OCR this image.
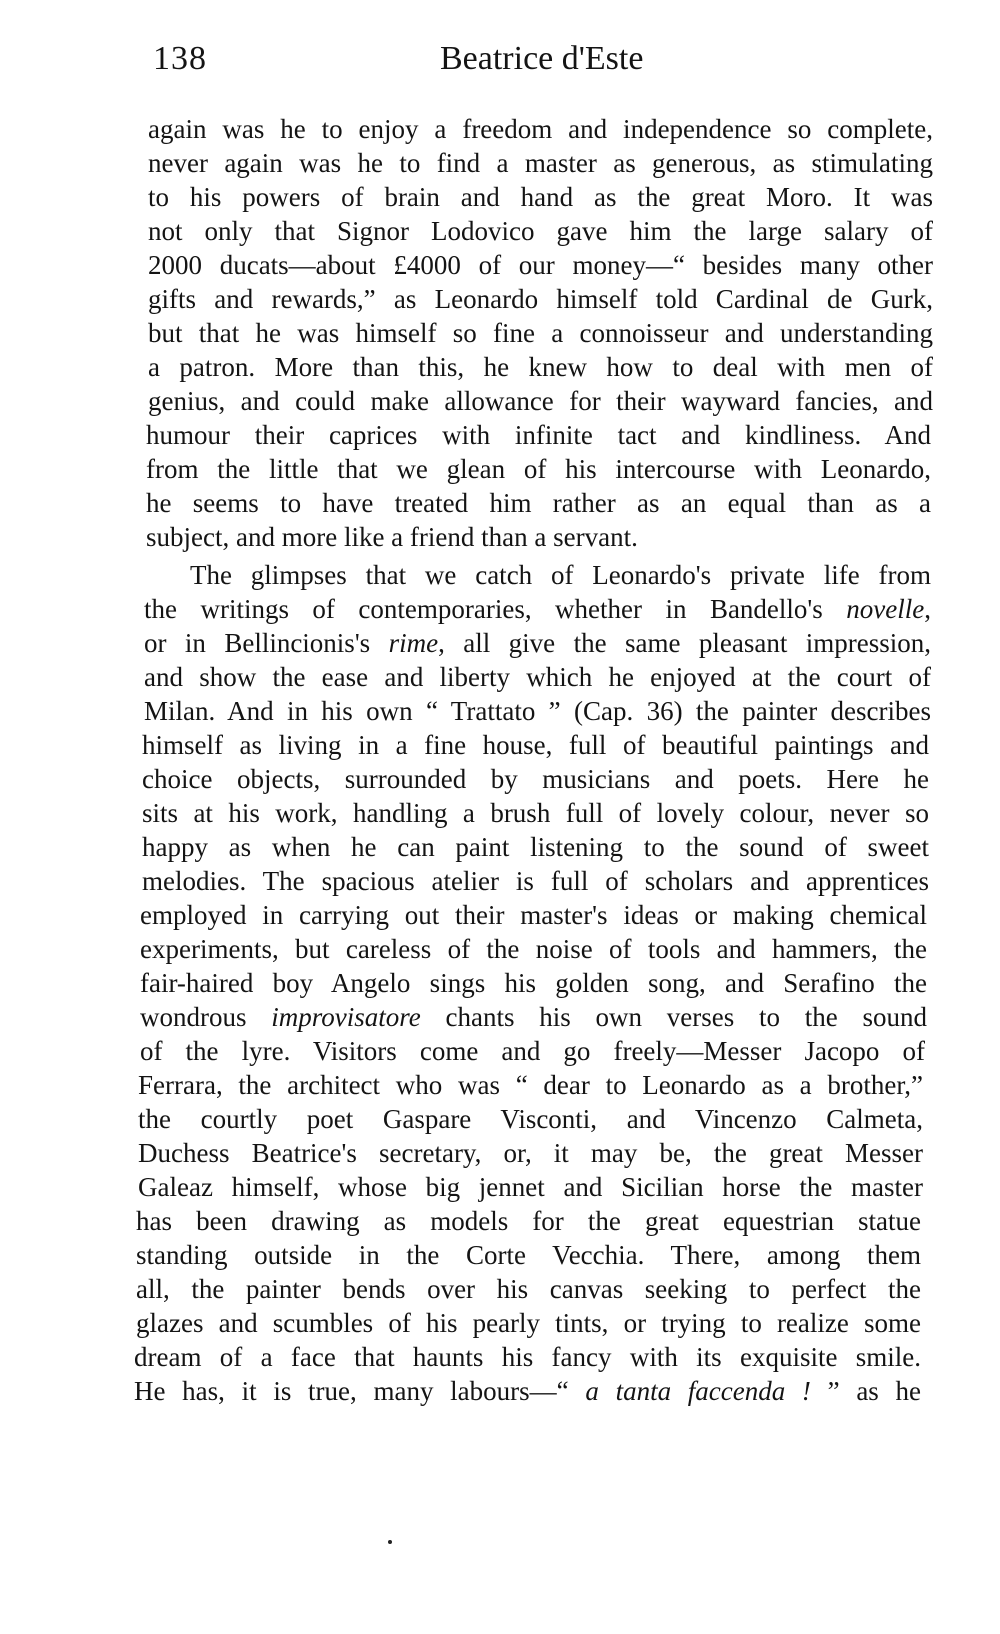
138	Beatrice d'Este
again was he to enjoy a freedom and independence so complete,
never again was he to find a master as generous, as stimulating
to his powers of brain and hand as the great Moro. It was
not only that Signor Lodovico gave him the large salary of
2000 ducats—about £4000 of our money—“ besides many other
gifts and rewards,” as Leonardo himself told Cardinal de Gurk,
but that he was himself so fine a connoisseur and understanding
a patron. More than this, he knew how to deal with men of
genius, and could make allowance for their wayward fancies, and
humour their caprices with infinite tact and kindliness. And
from the little that we glean of his intercourse with Leonardo,
he seems to have treated him rather as an equal than as a
subject, and more like a friend than a servant.
The glimpses that we catch of Leonardo's private life from
the writings of contemporaries, whether in Bandello's novelle,
or in Bellincionis's rime, all give the same pleasant impression,
and show the ease and liberty which he enjoyed at the court of
Milan. And in his own “ Trattato ” (Cap. 36) the painter describes
himself as living in a fine house, full of beautiful paintings and
choice objects, surrounded by musicians and poets. Here he
sits at his work, handling a brush full of lovely colour, never so
happy as when he can paint listening to the sound of sweet
melodies. The spacious atelier is full of scholars and apprentices
employed in carrying out their master's ideas or making chemical
experiments, but careless of the noise of tools and hammers, the
fair-haired boy Angelo sings his golden song, and Serafino the
wondrous improvisatore chants his own verses to the sound
of the lyre. Visitors come and go freely—Messer Jacopo of
Ferrara, the architect who was “ dear to Leonardo as a brother,”
the courtly poet Gaspare Visconti, and Vincenzo Calmeta,
Duchess Beatrice's secretary, or, it may be, the great Messer
Galeaz himself, whose big jennet and Sicilian horse the master
has been drawing as models for the great equestrian statue
standing outside in the Corte Vecchia. There, among them
all, the painter bends over his canvas seeking to perfect the
glazes and scumbles of his pearly tints, or trying to realize some
dream of a face that haunts his fancy with its exquisite smile.
He has, it is true, many labours—“ a tanta faccenda ! ” as he
